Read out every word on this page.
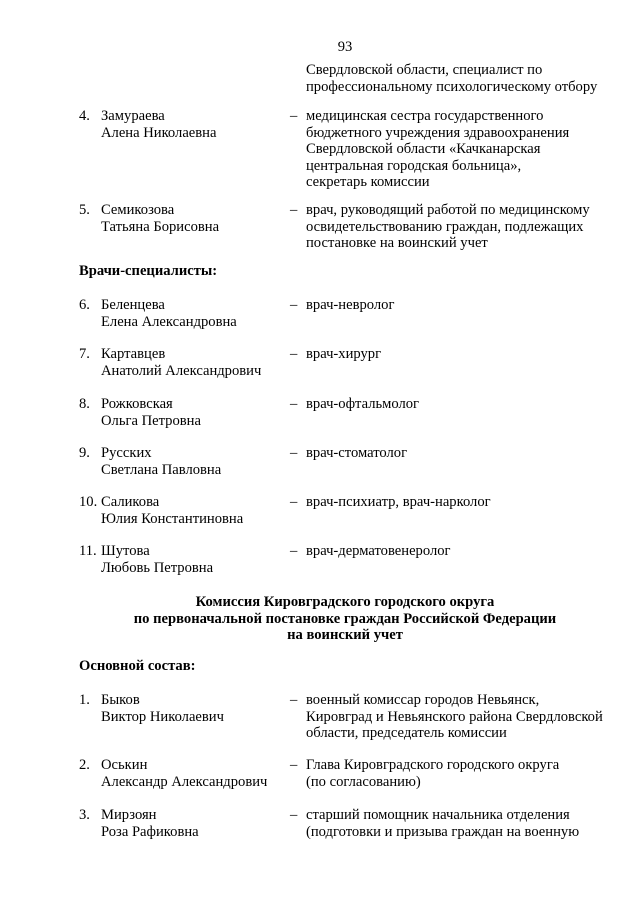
93
Свердловской области, специалист по
профессиональному психологическому отбору
4. Замураева
Алена Николаевна
– медицинская сестра государственного
бюджетного учреждения здравоохранения
Свердловской области «Качканарская
центральная городская больница»,
секретарь комиссии
5. Семикозова
Татьяна Борисовна
– врач, руководящий работой по медицинскому
освидетельствованию граждан, подлежащих
постановке на воинский учет
Врачи-специалисты:
6. Беленцева
Елена Александровна
– врач-невролог
7. Картавцев
Анатолий Александрович
– врач-хирург
8. Рожковская
Ольга Петровна
– врач-офтальмолог
9. Русских
Светлана Павловна
– врач-стоматолог
10. Саликова
Юлия Константиновна
– врач-психиатр, врач-нарколог
11. Шутова
Любовь Петровна
– врач-дерматовенеролог
Комиссия Кировградского городского округа
по первоначальной постановке граждан Российской Федерации
на воинский учет
Основной состав:
1. Быков
Виктор Николаевич
– военный комиссар городов Невьянск,
Кировград и Невьянского района Свердловской
области, председатель комиссии
2. Оськин
Александр Александрович
– Глава Кировградского городского округа
(по согласованию)
3. Мирзоян
Роза Рафиковна
– старший помощник начальника отделения
(подготовки и призыва граждан на военную
